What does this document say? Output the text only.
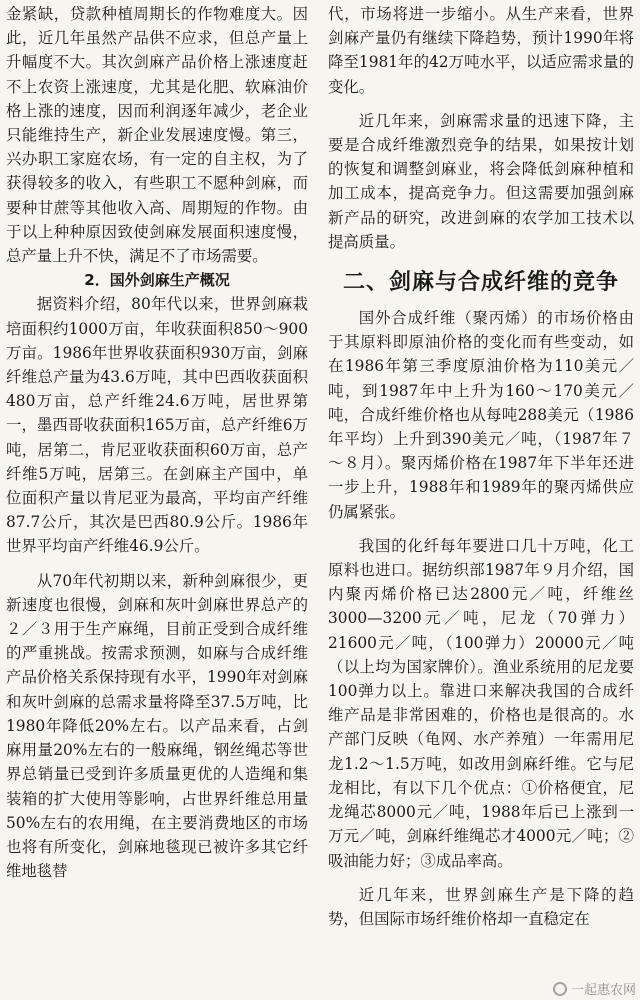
金紧缺，贷款种植周期长的作物难度大。因此，近几年虽然产品供不应求，但总产量上升幅度不大。其次剑麻产品价格上涨速度赶不上农资上涨速度，尤其是化肥、软麻油价格上涨的速度，因而利润逐年减少，老企业只能维持生产，新企业发展速度慢。第三，兴办职工家庭农场，有一定的自主权，为了获得较多的收入，有些职工不愿种剑麻，而要种甘蔗等其他收入高、周期短的作物。由于以上种种原因致使剑麻发展面积速度慢，总产量上升不快，满足不了市场需要。

2．国外剑麻生产概况

据资料介绍，80年代以来，世界剑麻栽培面积约1000万亩，年收获面积850～900万亩。1986年世界收获面积930万亩，剑麻纤维总产量为43.6万吨，其中巴西收获面积480万亩，总产纤维24.6万吨，居世界第一，墨西哥收获面积165万亩，总产纤维6万吨，居第二，肯尼亚收获面积60万亩，总产纤维5万吨，居第三。在剑麻主产国中，单位面积产量以肯尼亚为最高，平均亩产纤维87.7公斤，其次是巴西80.9公斤。1986年世界平均亩产纤维46.9公斤。

从70年代初期以来，新种剑麻很少，更新速度也很慢，剑麻和灰叶剑麻世界总产的２／３用于生产麻绳，目前正受到合成纤维的严重挑战。按需求预测，如麻与合成纤维产品价格关系保持现有水平，1990年对剑麻和灰叶剑麻的总需求量将降至37.5万吨，比1980年降低20%左右。以产品来看，占剑麻用量20%左右的一般麻绳，钢丝绳芯等世界总销量已受到许多质量更优的人造绳和集装箱的扩大使用等影响，占世界纤维总用量50%左右的农用绳，在主要消费地区的市场也将有所变化，剑麻地毯现已被许多其它纤维地毯替

代，市场将进一步缩小。从生产来看，世界剑麻产量仍有继续下降趋势，预计1990年将降至1981年的42万吨水平，以适应需求量的变化。

近几年来，剑麻需求量的迅速下降，主要是合成纤维激烈竞争的结果，如果按计划的恢复和调整剑麻业，将会降低剑麻种植和加工成本，提高竞争力。但这需要加强剑麻新产品的研究，改进剑麻的农学加工技术以提高质量。

二、剑麻与合成纤维的竞争

国外合成纤维（聚丙烯）的市场价格由于其原料即原油价格的变化而有些变动，如在1986年第三季度原油价格为110美元／吨，到1987年中上升为160～170美元／吨，合成纤维价格也从每吨288美元（1986年平均）上升到390美元／吨，（1987年７～８月）。聚丙烯价格在1987年下半年还进一步上升，1988年和1989年的聚丙烯供应仍属紧张。

我国的化纤每年要进口几十万吨，化工原料也进口。据纺织部1987年９月介绍，国内聚丙烯价格已达2800元／吨，纤维丝3000—3200元／吨，尼龙（70弹力）21600元／吨，（100弹力）20000元／吨（以上均为国家牌价）。渔业系统用的尼龙要100弹力以上。靠进口来解决我国的合成纤维产品是非常困难的，价格也是很高的。水产部门反映（龟网、水产养殖）一年需用尼龙1.2～1.5万吨，如改用剑麻纤维。它与尼龙相比，有以下几个优点：①价格便宜，尼龙绳芯8000元／吨，1988年后已上涨到一万元／吨，剑麻纤维绳芯才4000元／吨；②吸油能力好；③成品率高。

近几年来，世界剑麻生产是下降的趋势，但国际市场纤维价格却一直稳定在

一起惠农网
